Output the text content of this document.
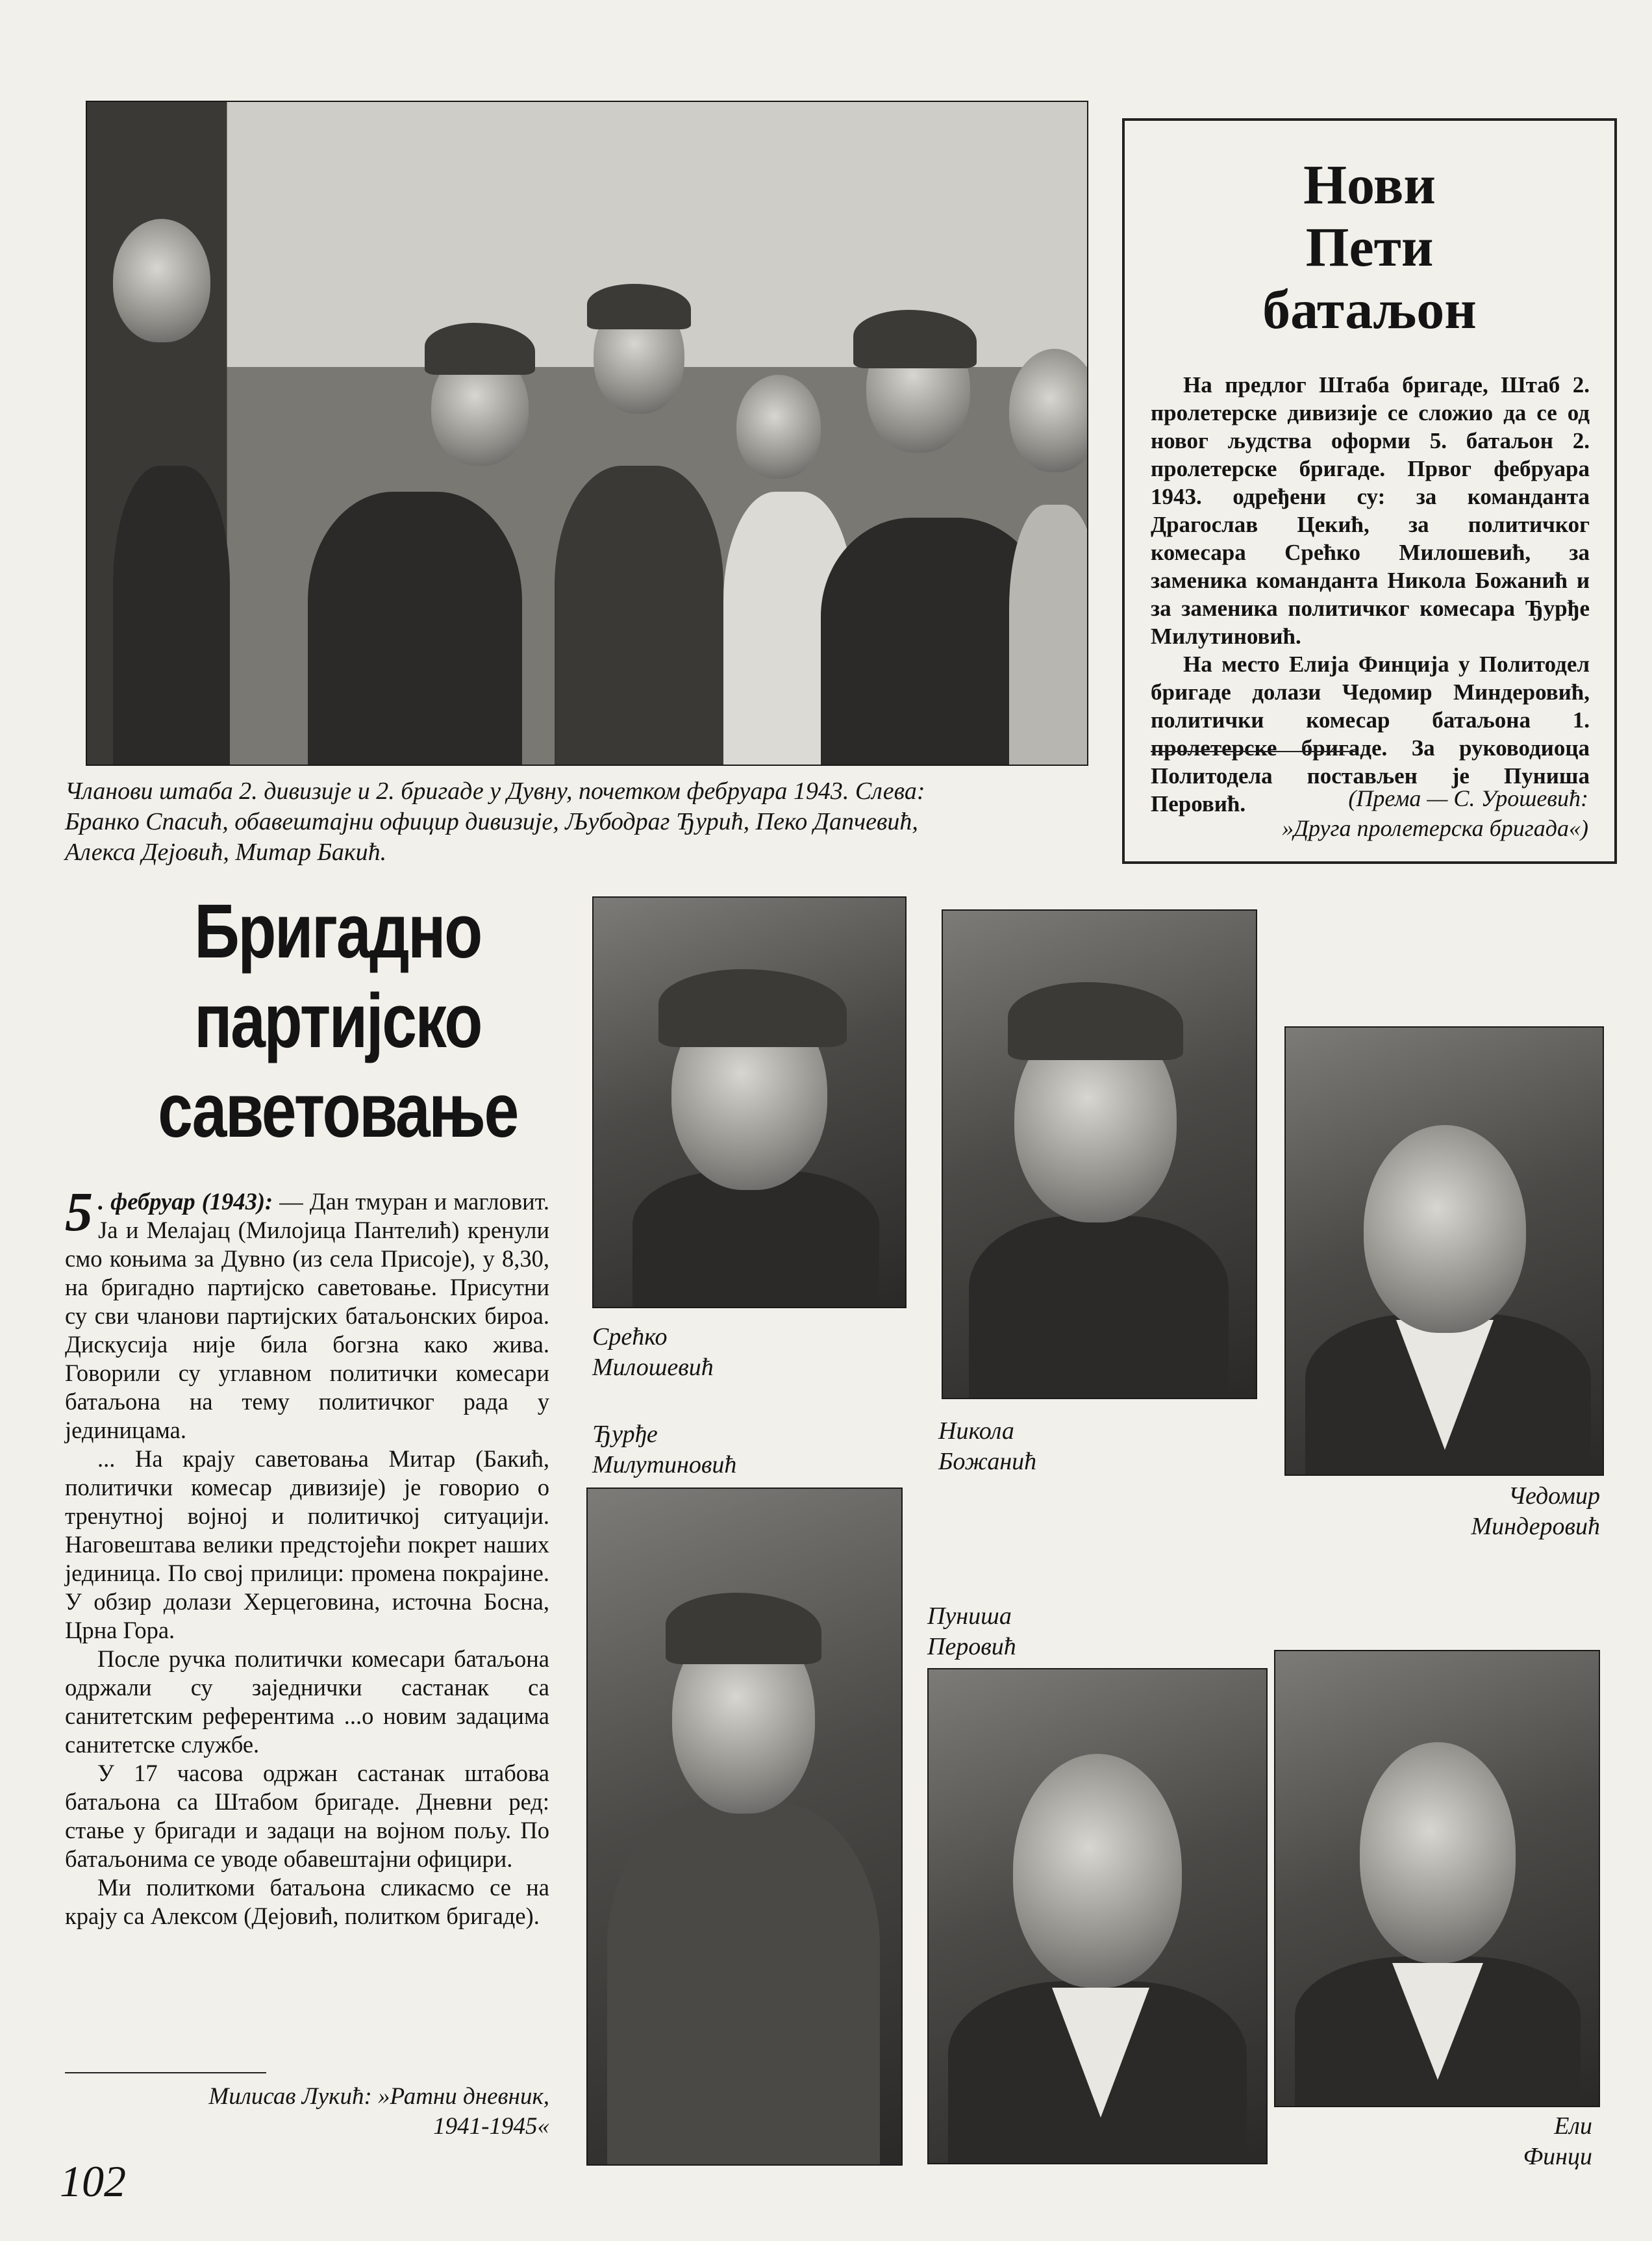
Чланови штаба 2. дивизије и 2. бригаде у Дувну, почетком фебруара 1943. Слева:
Бранко Спасић, обавештајни официр дивизије, Љубодраг Ђурић, Пеко Дапчевић,
Алекса Дејовић, Митар Бакић.
Нови
Пети
батаљон

На предлог Штаба бригаде, Штаб 2. пролетерске дивизије се сложио да се од новог људства оформи 5. батаљон 2. пролетерске бригаде. Првог фебруара 1943. одређени су: за команданта Драгослав Цекић, за политичког комесара Срећко Милошевић, за заменика команданта Никола Божанић и за заменика политичког комесара Ђурђе Милутиновић.

На место Елија Финција у Политодел бригаде долази Чедомир Миндеровић, политички комесар батаљона 1. пролетерске бригаде. За руководиоца Политодела постављен је Пуниша Перовић.	(Према — С. Урошевић:
»Друга пролетерска бригада«)
Бригадно
партијско
саветовање

5 . фебруар (1943): — Дан тмуран и магловит. Ја и Мелајац (Милојица Пантелић) кренули смо коњима за Дувно (из села Присоје), у 8,30, на бригадно партијско саветовање. Присутни су сви чланови партијских батаљонских бироа. Дискусија није била богзна како жива. Говорили су углавном политички комесари батаљона на тему политичког рада у јединицама.

... На крају саветовања Митар (Бакић, политички комесар дивизије) је говорио о тренутној војној и политичкој ситуацији. Наговештава велики предстојећи покрет наших јединица. По свој прилици: промена покрајине. У обзир долази Херцеговина, источна Босна, Црна Гора.

После ручка политички комесари батаљона одржали су заједнички састанак са санитетским референтима ...о новим задацима санитетске службе.

У 17 часова одржан састанак штабова батаљона са Штабом бригаде. Дневни ред: стање у бригади и задаци на војном пољу. По батаљонима се уводе обавештајни официри.

Ми политкоми батаљона сликасмо се на крају са Алексом (Дејовић, политком бригаде).

Милисав Лукић: »Ратни дневник,
1941-1945«
Срећко
Милошевић
Никола
Божанић
Чедомир
Миндеровић
Ђурђе
Милутиновић
Пуниша
Перовић
Ели
Финци
102
